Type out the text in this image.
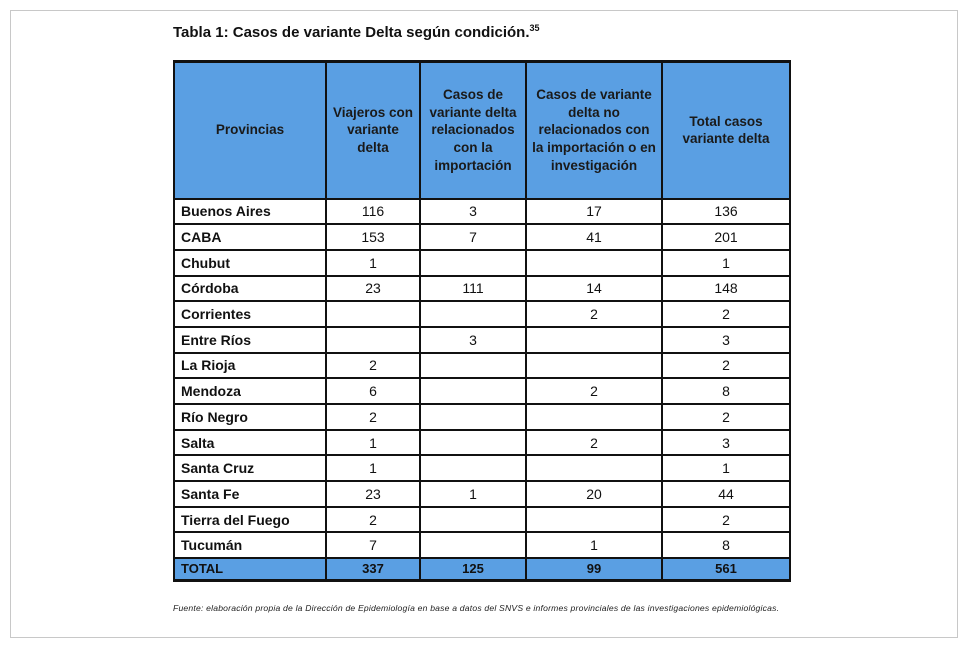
Tabla 1: Casos de variante Delta según condición.$^{35}$
Provincias	Viajeros con variante delta	Casos de variante delta relacionados con la importación	Casos de variante delta no relacionados con la importación o en investigación	Total casos variante delta
Buenos Aires	116	3	17	136
CABA	153	7	41	201
Chubut	1			1
Córdoba	23	111	14	148
Corrientes			2	2
Entre Ríos		3		3
La Rioja	2			2
Mendoza	6		2	8
Río Negro	2			2
Salta	1		2	3
Santa Cruz	1			1
Santa Fe	23	1	20	44
Tierra del Fuego	2			2
Tucumán	7		1	8
TOTAL	337	125	99	561
Fuente: elaboración propia de la Dirección de Epidemiología en base a datos del SNVS e informes provinciales de las investigaciones epidemiológicas.
